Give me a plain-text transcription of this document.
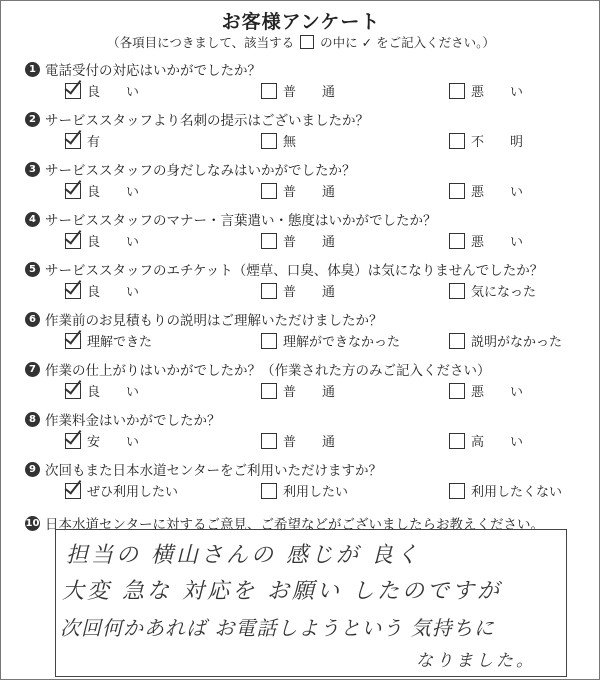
お客様アンケート
（各項目につきまして、該当する の中に ✓ をご記入ください。）
1 電話受付の対応はいかがでしたか？
良　　い	普　　通	悪　　い
2 サービススタッフより名刺の提示はございましたか？
有	無	不　　明
3 サービススタッフの身だしなみはいかがでしたか？
良　　い	普　　通	悪　　い
4 サービススタッフのマナー・言葉遣い・態度はいかがでしたか？
良　　い	普　　通	悪　　い
5 サービススタッフのエチケット（煙草、口臭、体臭）は気になりませんでしたか？
良　　い	普　　通	気になった
6 作業前のお見積もりの説明はご理解いただけましたか？
理解できた	理解ができなかった	説明がなかった
7 作業の仕上がりはいかがでしたか？（作業された方のみご記入ください）
良　　い	普　　通	悪　　い
8 作業料金はいかがでしたか？
安　　い	普　　通	高　　い
9 次回もまた日本水道センターをご利用いただけますか？
ぜひ利用したい	利用したい	利用したくない
10 日本水道センターに対するご意見、ご希望などがございましたらお教えください。
担当の 横山さんの 感じが 良く
大変 急な 対応を お願い したのですが
次回何かあれば お電話しようという 気持ちに
なりました。
